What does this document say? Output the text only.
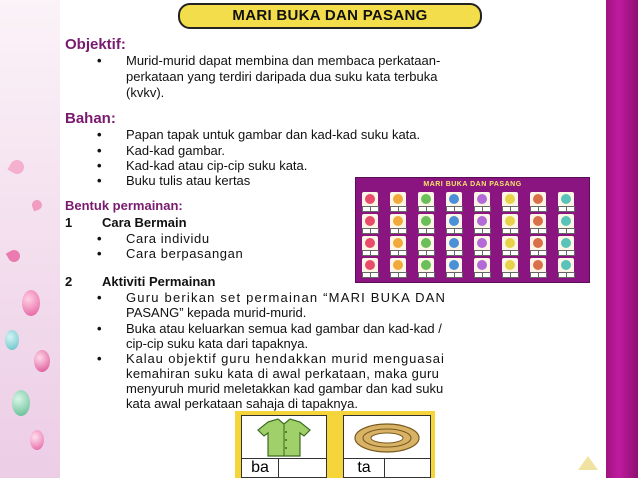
MARI BUKA DAN PASANG
Objektif:
• Murid-murid dapat membina dan membaca perkataan-
perkataan yang terdiri daripada dua suku kata terbuka
(kvkv).
Bahan:
• Papan tapak untuk gambar dan kad-kad suku kata.
• Kad-kad gambar.
• Kad-kad atau cip-cip suku kata.
• Buku tulis atau kertas
Bentuk permainan:
1 Cara Bermain
• Cara individu
• Cara berpasangan
2 Aktiviti Permainan
• Guru berikan set permainan “MARI BUKA DAN
PASANG” kepada murid-murid.
• Buka atau keluarkan semua kad gambar dan kad-kad /
cip-cip suku kata dari tapaknya.
• Kalau objektif guru hendakkan murid menguasai
kemahiran suku kata di awal perkataan, maka guru
menyuruh murid meletakkan kad gambar dan kad suku
kata awal perkataan sahaja di tapaknya.
MARI BUKA DAN PASANG
ba	ta
